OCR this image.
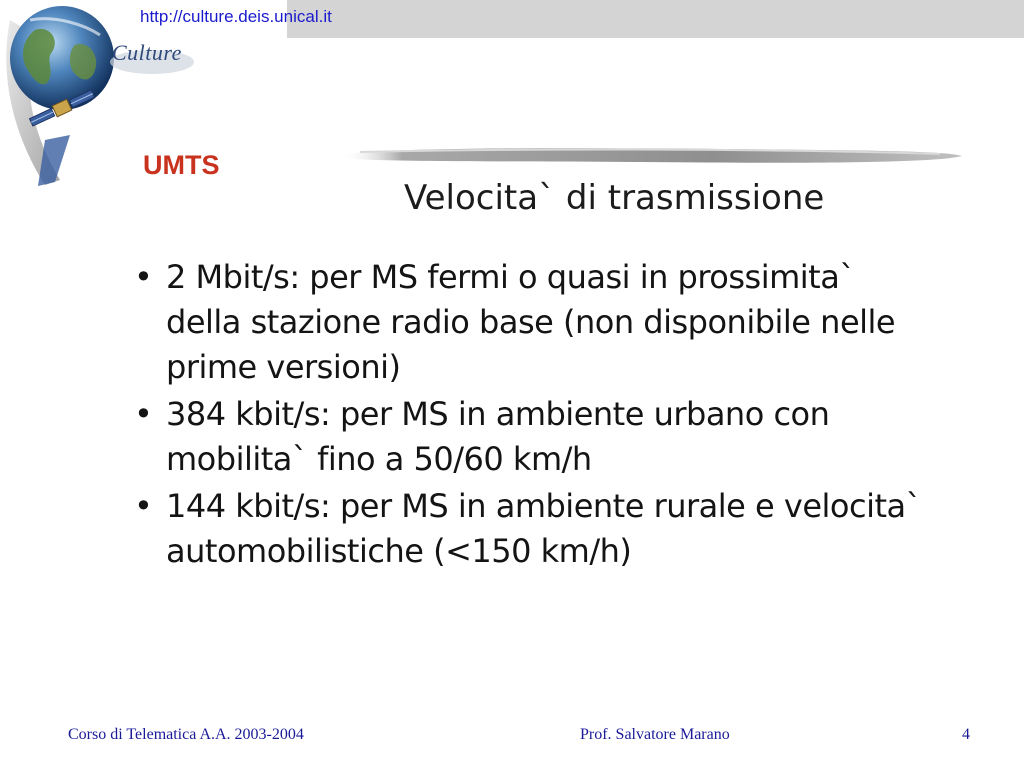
http://culture.deis.unical.it
Culture
UMTS
Velocita` di trasmissione
• 2 Mbit/s: per MS fermi o quasi in prossimita` della stazione radio base (non disponibile nelle prime versioni)
• 384 kbit/s: per MS in ambiente urbano con mobilita` fino a 50/60 km/h
• 144 kbit/s: per MS in ambiente rurale e velocita` automobilistiche (<150 km/h)
Corso di Telematica A.A. 2003-2004	Prof. Salvatore Marano	4
